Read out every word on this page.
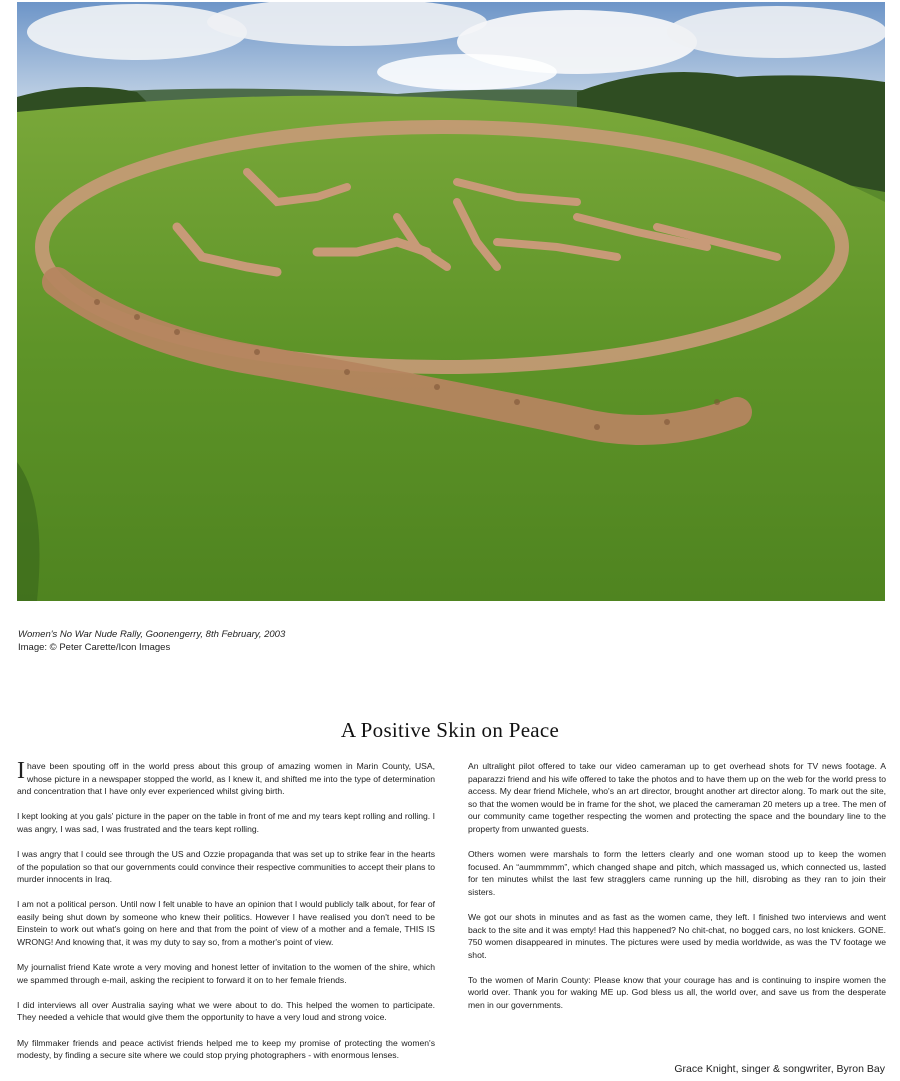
Women's No War Nude Rally, Goonengerry, 8th February, 2003
Image: © Peter Carette/Icon Images
A Positive Skin on Peace

Ihave been spouting off in the world press about this group of amazing women in Marin County, USA, whose picture in a newspaper stopped the world, as I knew it, and shifted me into the type of determination and concentration that I have only ever experienced whilst giving birth.

I kept looking at you gals' picture in the paper on the table in front of me and my tears kept rolling and rolling. I was angry, I was sad, I was frustrated and the tears kept rolling.

I was angry that I could see through the US and Ozzie propaganda that was set up to strike fear in the hearts of the population so that our governments could convince their respective communities to accept their plans to murder innocents in Iraq.

I am not a political person. Until now I felt unable to have an opinion that I would publicly talk about, for fear of easily being shut down by someone who knew their politics. However I have realised you don't need to be Einstein to work out what's going on here and that from the point of view of a mother and a female, THIS IS WRONG! And knowing that, it was my duty to say so, from a mother's point of view.

My journalist friend Kate wrote a very moving and honest letter of invitation to the women of the shire, which we spammed through e-mail, asking the recipient to forward it on to her female friends.

I did interviews all over Australia saying what we were about to do. This helped the women to participate. They needed a vehicle that would give them the opportunity to have a very loud and strong voice.

My filmmaker friends and peace activist friends helped me to keep my promise of protecting the women's modesty, by finding a secure site where we could stop prying photographers - with enormous lenses.

An ultralight pilot offered to take our video cameraman up to get overhead shots for TV news footage. A paparazzi friend and his wife offered to take the photos and to have them up on the web for the world press to access. My dear friend Michele, who's an art director, brought another art director along. To mark out the site, so that the women would be in frame for the shot, we placed the cameraman 20 meters up a tree. The men of our community came together respecting the women and protecting the space and the boundary line to the property from unwanted guests.

Others women were marshals to form the letters clearly and one woman stood up to keep the women focused. An “aummmmm”, which changed shape and pitch, which massaged us, which connected us, lasted for ten minutes whilst the last few stragglers came running up the hill, disrobing as they ran to join their sisters.

We got our shots in minutes and as fast as the women came, they left. I finished two interviews and went back to the site and it was empty! Had this happened? No chit-chat, no bogged cars, no lost knickers. GONE. 750 women disappeared in minutes. The pictures were used by media worldwide, as was the TV footage we shot.

To the women of Marin County: Please know that your courage has and is continuing to inspire women the world over. Thank you for waking ME up. God bless us all, the world over, and save us from the desperate men in our governments.

Grace Knight, singer & songwriter, Byron Bay
